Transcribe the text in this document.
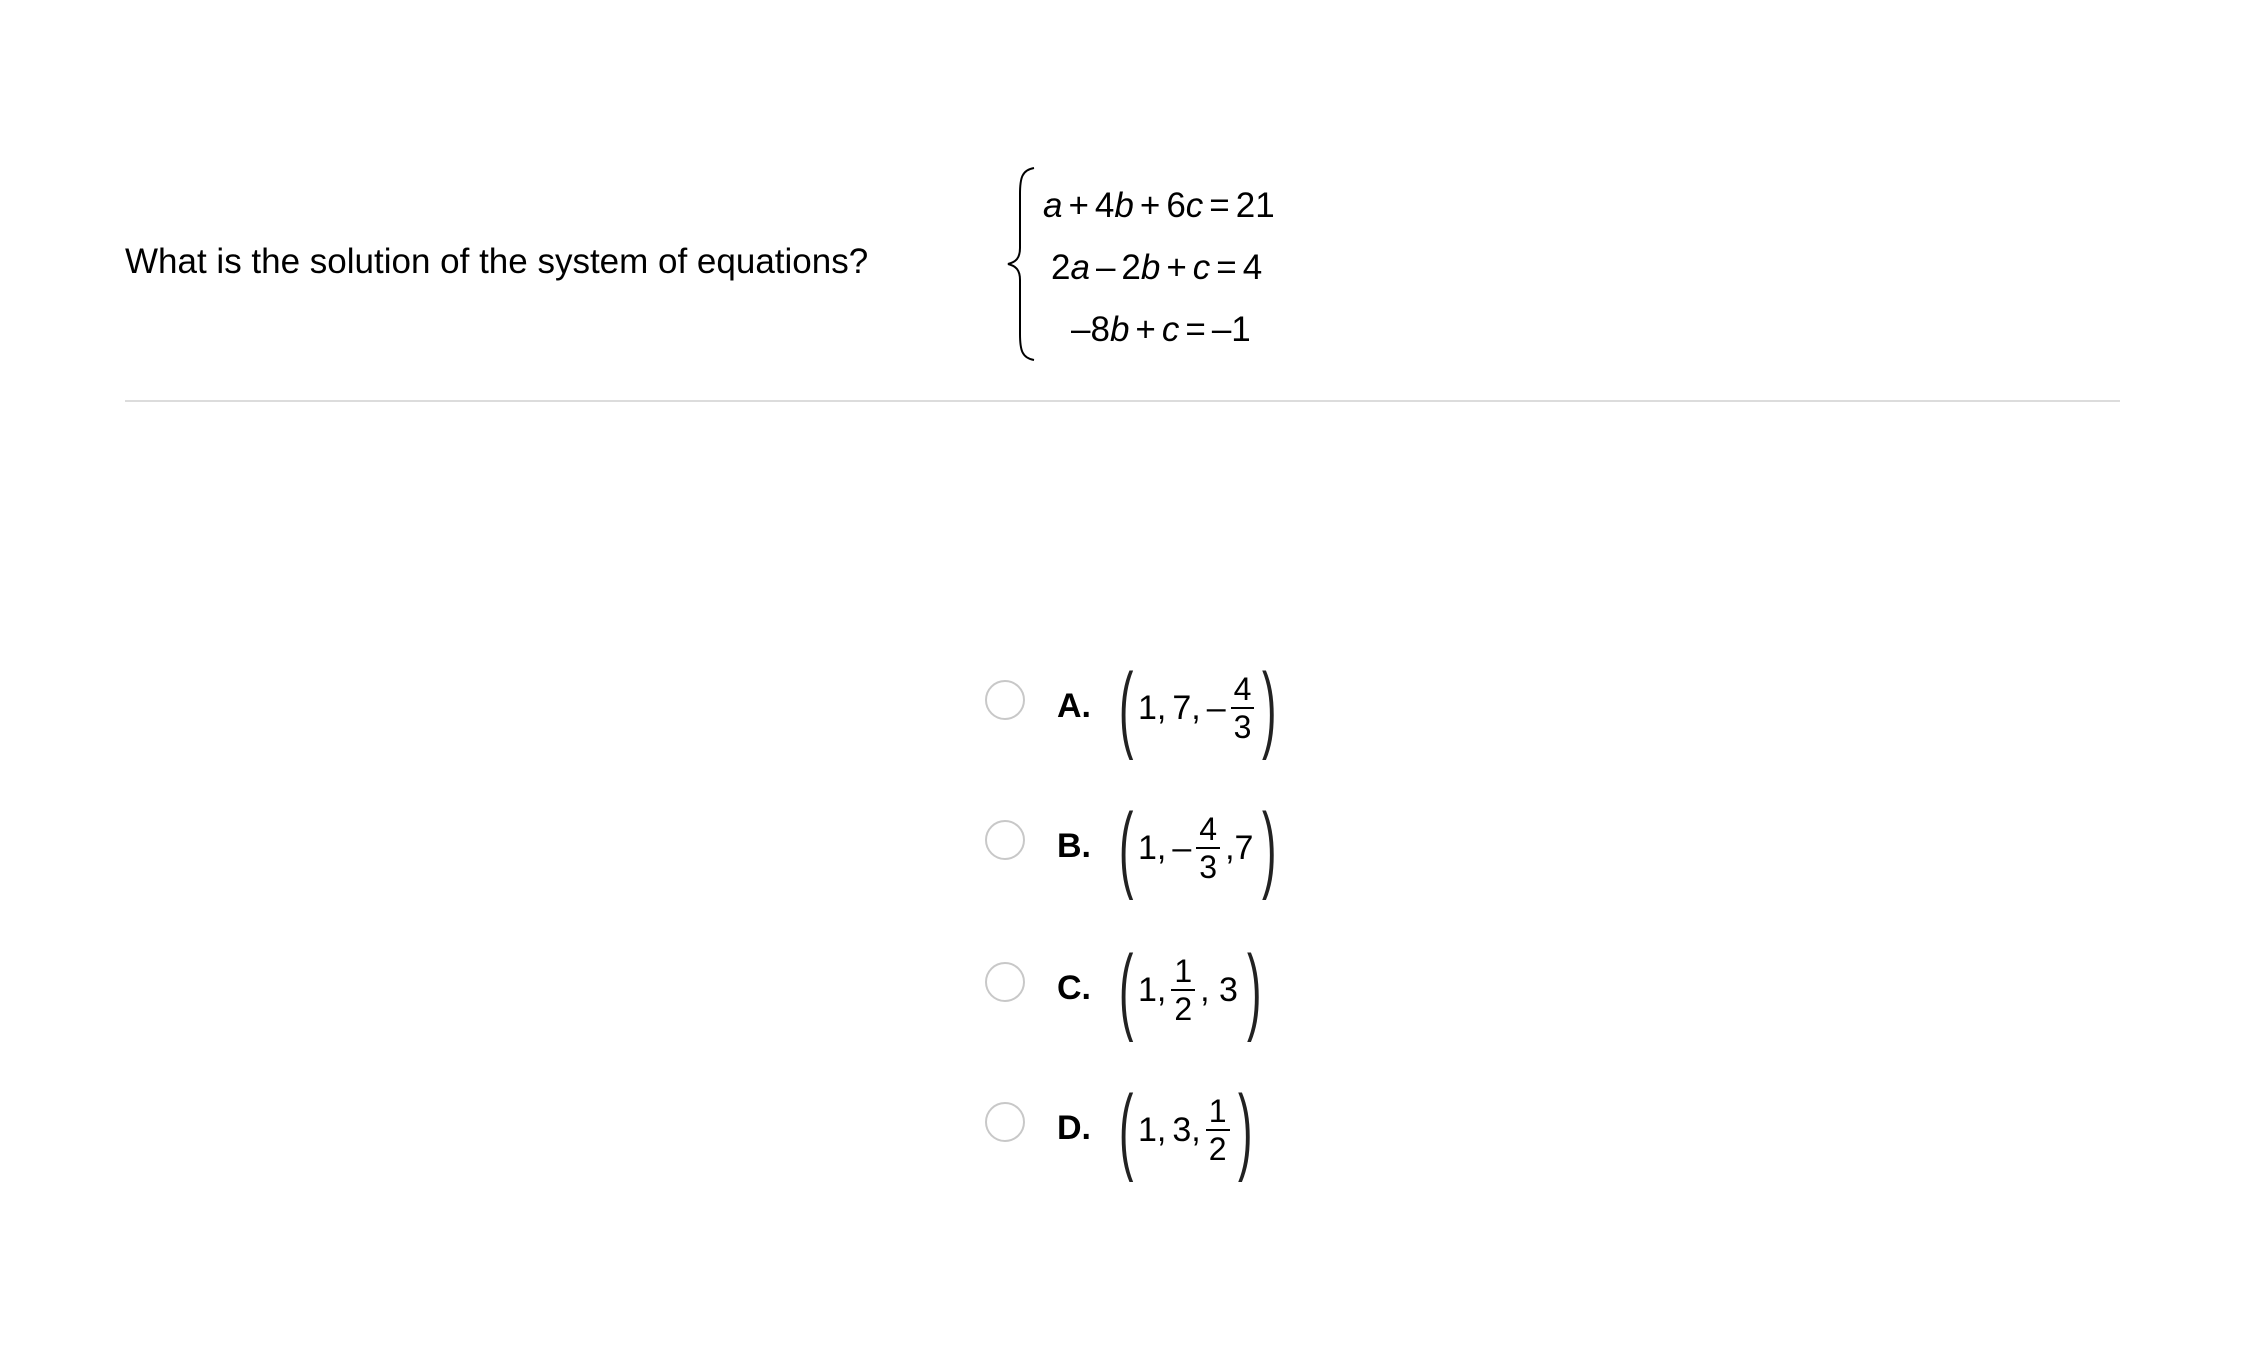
What is the solution of the system of equations?
a + 4b + 6c = 21
2a – 2b + c = 4
–8b + c = –1
A. ( 1, 7, – $\frac{4}{3}$ )
B. ( 1, – $\frac{4}{3} ,7$ )
C. ( 1, $\frac{1}{2}$ , 3 )
D. ( 1, 3, $\frac{1}{2}$ )
